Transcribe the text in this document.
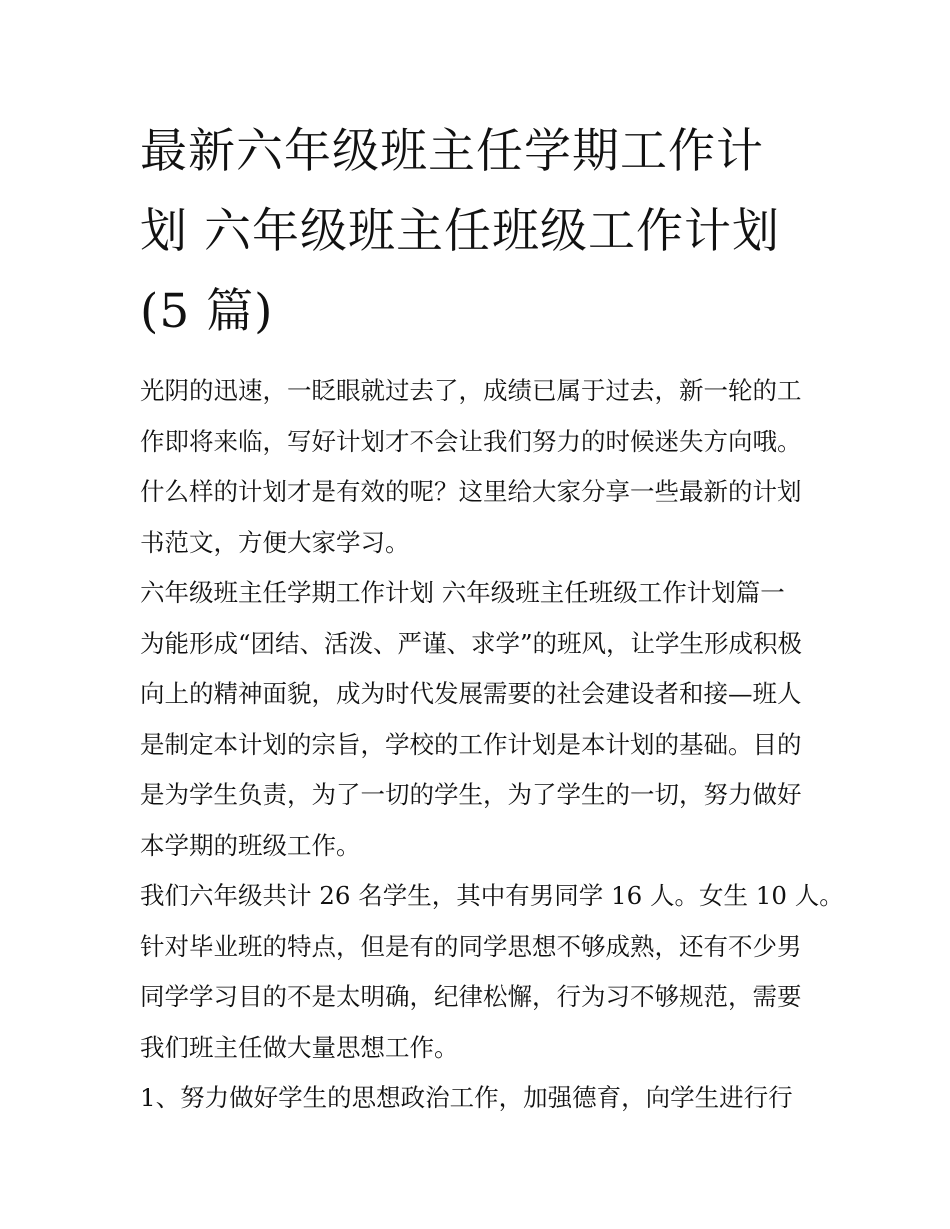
最新六年级班主任学期工作计

划 六年级班主任班级工作计划

(5 篇)

光阴的迅速，一眨眼就过去了，成绩已属于过去，新一轮的工

作即将来临，写好计划才不会让我们努力的时候迷失方向哦。

什么样的计划才是有效的呢？这里给大家分享一些最新的计划

书范文，方便大家学习。

六年级班主任学期工作计划 六年级班主任班级工作计划篇一

为能形成“团结、活泼、严谨、求学”的班风，让学生形成积极

向上的精神面貌，成为时代发展需要的社会建设者和接—班人

是制定本计划的宗旨，学校的工作计划是本计划的基础。目的

是为学生负责，为了一切的学生，为了学生的一切，努力做好

本学期的班级工作。

我们六年级共计 26 名学生，其中有男同学 16 人。女生 10 人。

针对毕业班的特点，但是有的同学思想不够成熟，还有不少男

同学学习目的不是太明确，纪律松懈，行为习不够规范，需要

我们班主任做大量思想工作。

1、努力做好学生的思想政治工作，加强德育，向学生进行行
